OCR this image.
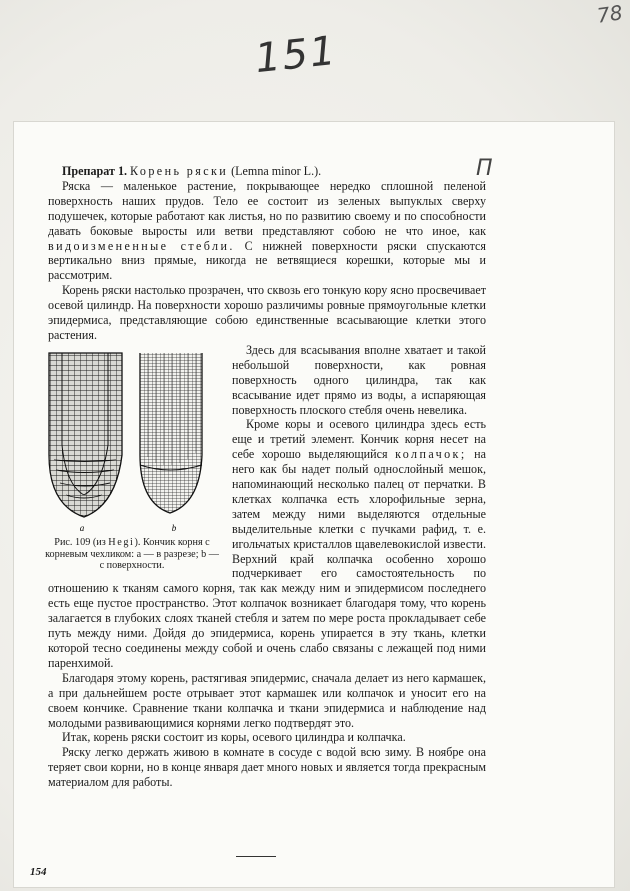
78
151
П

Препарат 1. Корень ряски (Lemna minor L.).

Ряска — маленькое растение, покрывающее нередко сплошной пеленой поверхность наших прудов. Тело ее состоит из зеленых выпуклых сверху подушечек, которые работают как листья, но по развитию своему и по способности давать боковые выросты или ветви представляют собою не что иное, как видоизмененные стебли. С нижней поверхности ряски спускаются вертикально вниз прямые, никогда не ветвящиеся корешки, которые мы и рассмотрим.

Корень ряски настолько прозрачен, что сквозь его тонкую кору ясно просвечивает осевой цилиндр. На поверхности хорошо различимы ровные прямоугольные клетки эпидермиса, представляющие собою единственные всасывающие клетки этого растения.

a	b
Рис. 109 (из Hegi). Кончик корня с корневым чехликом: a — в разрезе; b — с поверхности.

Здесь для всасывания вполне хватает и такой небольшой поверхности, как ровная поверхность одного цилиндра, так как всасывание идет прямо из воды, а испаряющая поверхность плоского стебля очень невелика.

Кроме коры и осевого цилиндра здесь есть еще и третий элемент. Кончик корня несет на себе хорошо выделяющийся колпачок; на него как бы надет полый однослойный мешок, напоминающий несколько палец от перчатки. В клетках колпачка есть хлорофильные зерна, затем между ними выделяются отдельные выделительные клетки с пучками рафид, т. е. игольчатых кристаллов щавелевокислой извести. Верхний край колпачка особенно хорошо подчеркивает его самостоятельность по отношению к тканям самого корня, так как между ним и эпидермисом последнего есть еще пустое пространство. Этот колпачок возникает благодаря тому, что корень залагается в глубоких слоях тканей стебля и затем по мере роста прокладывает себе путь между ними. Дойдя до эпидермиса, корень упирается в эту ткань, клетки которой тесно соединены между собой и очень слабо связаны с лежащей под ними паренхимой.

Благодаря этому корень, растягивая эпидермис, сначала делает из него кармашек, а при дальнейшем росте отрывает этот кармашек или колпачок и уносит его на своем кончике. Сравнение ткани колпачка и ткани эпидермиса и наблюдение над молодыми развивающимися корнями легко подтвердят это.

Итак, корень ряски состоит из коры, осевого цилиндра и колпачка.

Ряску легко держать живою в комнате в сосуде с водой всю зиму. В ноябре она теряет свои корни, но в конце января дает много новых и является тогда прекрасным материалом для работы.

154
